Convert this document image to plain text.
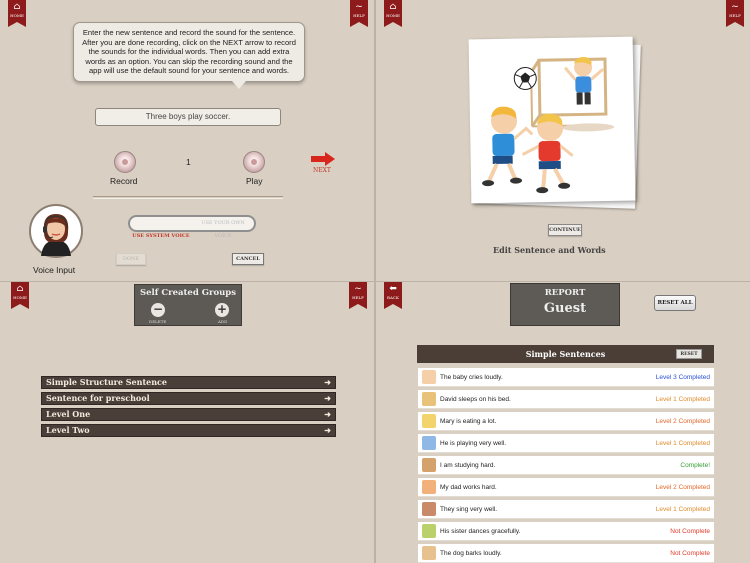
⌂
HOME
~
HELP
Enter the new sentence and record the sound for the sentence. After you are done recording, click on the NEXT arrow to record the sounds for the individual words. Then you can add extra words as an option. You can skip the recording sound and the app will use the default sound for your sentence and words.
Three boys play soccer.
Record
1
Play
NEXT
Voice Input
USE SYSTEM VOICEUSE YOUR OWN VOICE
DONE	CANCEL
⌂
HOME
~
HELP
CONTINUE
Edit Sentence and Words
⌂
HOME
~
HELP
Self Created Groups
−
DELETE
+
ADD
Simple Structure Sentence	➜
Sentence for preschool	➜
Level One	➜
Level Two	➜
⬅
BACK	REPORT
Guest	RESET ALL
Simple Sentences	RESET
The baby cries loudly.	Level 3 Completed
David sleeps on his bed.	Level 1 Completed
Mary is eating a lot.	Level 2 Completed
He is playing very well.	Level 1 Completed
I am studying hard.	Complete!
My dad works hard.	Level 2 Completed
They sing very well.	Level 1 Completed
His sister dances gracefully.	Not Complete
The dog barks loudly.	Not Complete
